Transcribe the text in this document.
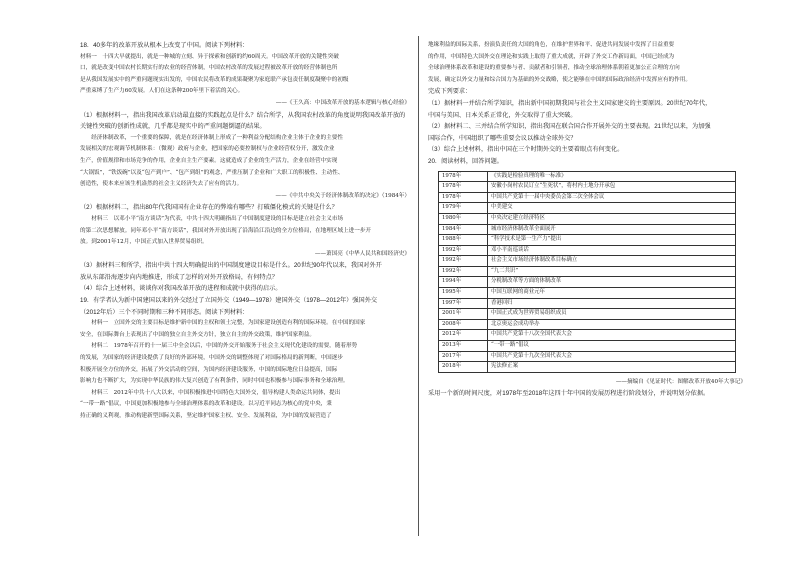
18．40多年的改革开放从根本上改变了中国。阅读下列材料：

材料一　十四大早就提出，就是一种城的立刻、异于探索和创新的约60周天。中国改革开放的关键性突破

口，就是改变中国农村长期实行的农业的经营体制，中国农村改革的发展过程被改革开放的经营体制也所

是从我国发展实中的严重问题现实出发的，中国农民将改革的成果凝聚为家庭联产承包责任制度凝聚中的初级

严重束缚了生产力60发展。人们在这条种200年里下着活的关心。

——《王久高：中国改革开放的基本逻辑与核心经验》

（1）根据材料一，指出我国改革启动最直接的实践起点是什么？结合所学，从我国农村改革的角度说明我国改革开放的

关键性突破的创新性成就，几乎都是现实中的严重问题倒逼的结果。

　　经济体制改革，一个重要的保障，就是在经济体制上形成了一种利益分配结构企业主体于企业的主要性

发展相关的宏观调节机制体系：（微观）政府与企业，把国家的必要控制权与企业经营权分开，激发企业

生产，价值规律和市场竞争的作用，企业自主生产要素。这就造成了企业的生产活力，企业在经营中实现

“大锅饭”，“铁饭碗”以及“包产到户”、“包产到组”的观念，严重压制了企业和广大职工的积极性、主动性、

创造性，使本来应该生机盎然的社会主义经济失去了应有的活力。

——《中共中央关于经济体制改革的决定》（1984年）

（2）根据材料二，指出80年代我国国有企业存在的弊端有哪些？打破僵化模式的关键是什么？

　　材料三　以邓小平“南方谈话”为代表，中共十四大明确指出了中国制度建设的目标是建立社会主义市场

的第二次思想解放。同年邓小平“南方谈话”，我国对外开放出现了沿海沿江沿边的全方位格局，在地理区域上进一步开

放。到2001年12月，中国正式加入世界贸易组织。

——萧国亮《中华人民共和国经济史》

（3）据材料三和所学，指出中共十四大明确提出的中国制度建设目标是什么。20世纪90年代以来，我国对外开

放从东部沿海逐步向内地推进，形成了怎样的对外开放格局，有何特点？

（4）综合上述材料，谈谈你对我国改革开放的进程和成就中获得的启示。

19．有学者认为新中国建国以来的外交经过了立国外交（1949—1978）建国外交（1978—2012年）强国外交

（2012年后）三个不同时期和三种不同形态。阅读下列材料：

　　材料一　立国外交的主要目标是维护新中国的主权和领土完整，为国家建设创造有利的国际环境。在中国的国家

安全，在国际舞台上表现出了中国的独立自主外交方针，独立自主的外交政策，维护国家利益。

　　材料二　1978年召开的十一届三中全会以后，中国的外交开始服务于社会主义现代化建设的需要，随着形势

的发展，为国家的经济建设提供了良好的外部环境，中国外交的调整体现了对国际格局的新判断，中国逐步

积极开展全方位的外交，拓展了外交活动的空间，为国内经济建设服务，中国的国际地位日益提高，国际

影响力也不断扩大，为实现中华民族的伟大复兴创造了有利条件，同时中国也积极参与国际事务和全球治理。

　　材料三　2012年中共十八大以来，中国积极推进中国特色大国外交，倡导构建人类命运共同体，提出

“一带一路”倡议，中国更加积极地参与全球治理体系的改革和建设。以习近平同志为核心的党中央，秉

持正确的义利观，推动构建新型国际关系，坚定维护国家主权、安全、发展利益，为中国的发展营造了

地缘利益的国际关系，扮演负责任的大国的角色，在维护世界和平、促进共同发展中发挥了日益重要

的作用，中国特色大国外交在理论和实践上取得了重大成就，开辟了外交工作新局面，中国已经成为

全球治理体系改革和建设的重要参与者、贡献者和引领者，推动全球治理体系朝着更加公正合理的方向

发展，确定以外交力量和综合国力为基础的外交战略，使之能够在中国的国际政治经济中发挥应有的作用。

完成下列要求：

（1）据材料一并结合所学知识，指出新中国初期我国与社会主义国家建交的主要原因。20世纪70年代，

中国与美国、日本关系正常化，外交取得了重大突破。

（2）据材料二、三并结合所学知识，指出我国在联合国合作开展外交的主要表现。21世纪以来，为加强

国际合作，中国组织了哪些重要会议以推动全球外交？

（3）综合上述材料，指出中国在三个时期外交的主要着眼点有何变化。

20．阅读材料，回答问题。

1978年	《实践是检验真理的唯一标准》
1978年	安徽小岗村农民订立“生死状”，将村内土地分开承包
1978年	中国共产党第十一届中央委员会第三次全体会议
1979年	中美建交
1980年	中央决定建立经济特区
1984年	城市经济体制改革全面展开
1988年	“科学技术是第一生产力”提出
1992年	邓小平南巡谈话
1992年	社会主义市场经济体制改革目标确立
1992年	“九二共识”
1994年	分税制改革等方面的体制改革
1995年	中国互联网的商业元年
1997年	香港回归
2001年	中国正式成为世界贸易组织成员
2008年	北京奥运会成功举办
2012年	中国共产党第十八次全国代表大会
2013年	“一带一路”倡议
2017年	中国共产党第十九次全国代表大会
2018年	宪法修正案

——摘编自《见证时代：图解改革开放40年大事记》

采用一个新的时间尺度，对1978年至2018年这四十年中国的发展历程进行阶段划分，并说明划分依据。
